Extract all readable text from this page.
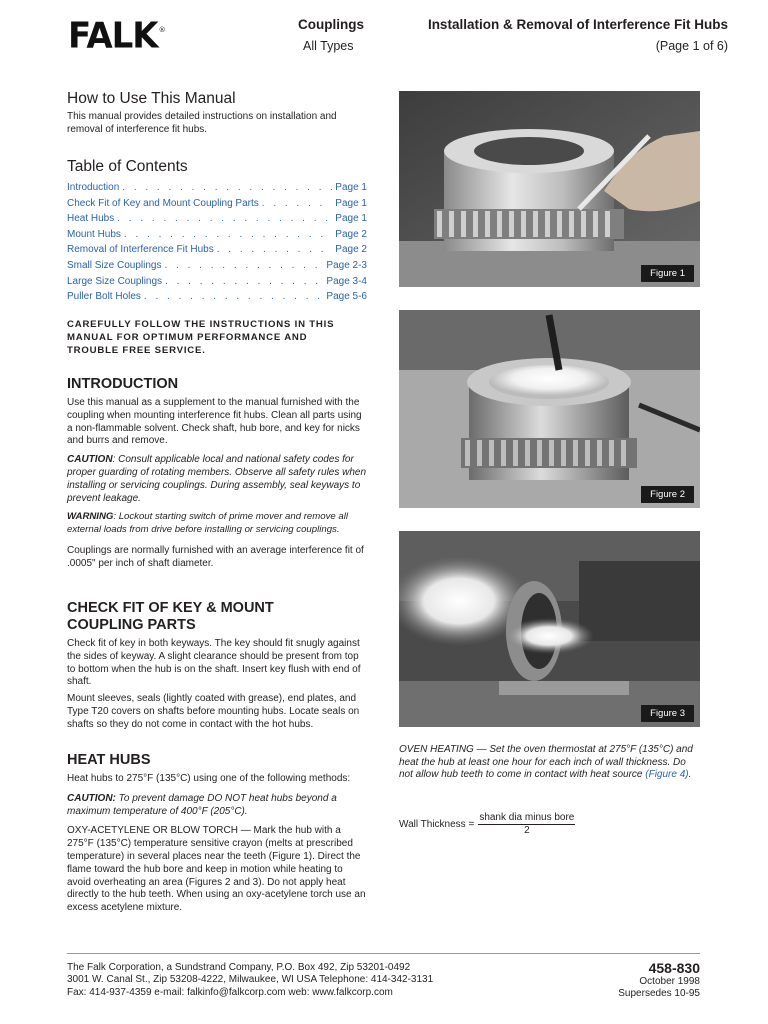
FALK®	Couplings
All Types
Installation & Removal of Interference Fit Hubs
(Page 1 of 6)
How to Use This Manual

This manual provides detailed instructions on installation and removal of interference fit hubs.

Table of Contents
Introduction . . .	Page 1
Check Fit of Key and Mount Coupling Parts . . .	Page 1
Heat Hubs . . .	Page 1
Mount Hubs . . .	Page 2
Removal of Interference Fit Hubs . . .	Page 2
Small Size Couplings . . .	Page 2-3
Large Size Couplings . . .	Page 3-4
Puller Bolt Holes . . .	Page 5-6
CAREFULLY FOLLOW THE INSTRUCTIONS IN THIS MANUAL FOR OPTIMUM PERFORMANCE AND TROUBLE FREE SERVICE.
INTRODUCTION

Use this manual as a supplement to the manual furnished with the coupling when mounting interference fit hubs. Clean all parts using a non-flammable solvent. Check shaft, hub bore, and key for nicks and burrs and remove.

CAUTION: Consult applicable local and national safety codes for proper guarding of rotating members. Observe all safety rules when installing or servicing couplings. During assembly, seal keyways to prevent leakage.

WARNING: Lockout starting switch of prime mover and remove all external loads from drive before installing or servicing couplings.

Couplings are normally furnished with an average interference fit of .0005" per inch of shaft diameter.

CHECK FIT OF KEY & MOUNT
COUPLING PARTS

Check fit of key in both keyways. The key should fit snugly against the sides of keyway. A slight clearance should be present from top to bottom when the hub is on the shaft. Insert key flush with end of shaft.

Mount sleeves, seals (lightly coated with grease), end plates, and Type T20 covers on shafts before mounting hubs. Locate seals on shafts so they do not come in contact with the hot hubs.

HEAT HUBS

Heat hubs to 275°F (135°C) using one of the following methods:

CAUTION: To prevent damage DO NOT heat hubs beyond a maximum temperature of 400°F (205°C).

OXY-ACETYLENE OR BLOW TORCH — Mark the hub with a 275°F (135°C) temperature sensitive crayon (melts at prescribed temperature) in several places near the teeth (Figure 1). Direct the flame toward the hub bore and keep in motion while heating to avoid overheating an area (Figures 2 and 3). Do not apply heat directly to the hub teeth. When using an oxy-acetylene torch use an excess acetylene mixture.

Figure 1
Figure 2
Figure 3

OVEN HEATING — Set the oven thermostat at 275°F (135°C) and heat the hub at least one hour for each inch of wall thickness. Do not allow hub teeth to come in contact with heat source (Figure 4).

Wall Thickness =
shank dia minus bore
2
The Falk Corporation, a Sundstrand Company, P.O. Box 492, Zip 53201-0492
3001 W. Canal St., Zip 53208-4222, Milwaukee, WI USA Telephone: 414-342-3131
Fax: 414-937-4359 e-mail: falkinfo@falkcorp.com web: www.falkcorp.com
458-830
October 1998
Supersedes 10-95
